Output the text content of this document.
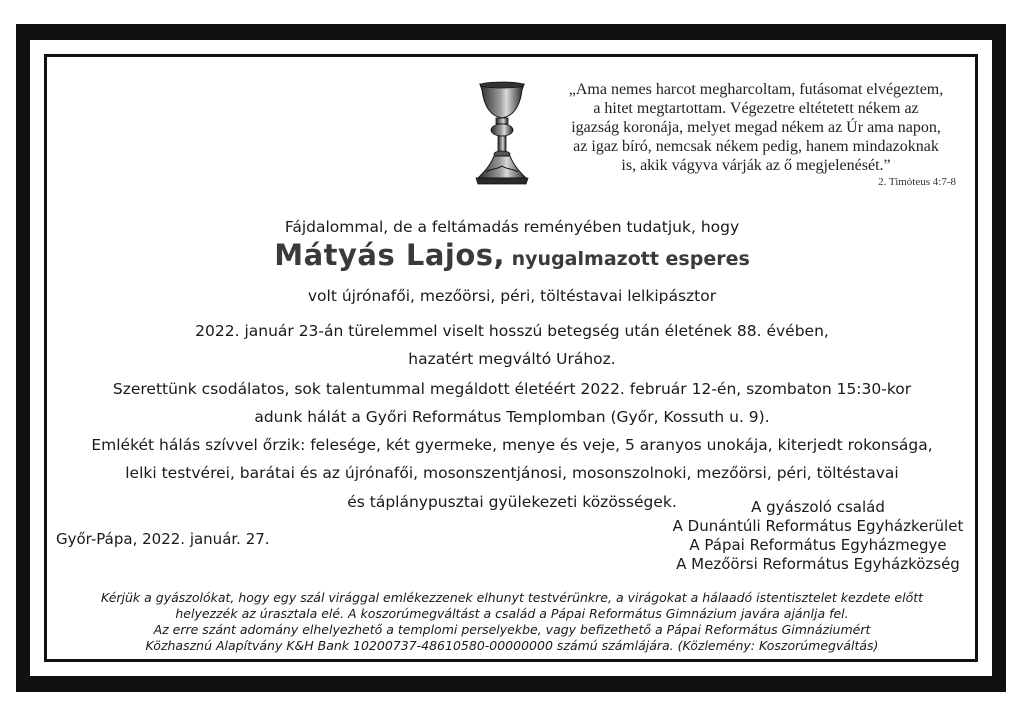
„Ama nemes harcot megharcoltam, futásomat elvégeztem,
a hitet megtartottam. Végezetre eltétetett nékem az
igazság koronája, melyet megad nékem az Úr ama napon,
az igaz bíró, nemcsak nékem pedig, hanem mindazoknak
is, akik vágyva várják az ő megjelenését.”
2. Timóteus 4:7-8
Fájdalommal, de a feltámadás reményében tudatjuk, hogy
Mátyás Lajos, nyugalmazott esperes
volt újrónafői, mezőörsi, péri, töltéstavai lelkipásztor
2022. január 23-án türelemmel viselt hosszú betegség után életének 88. évében,
hazatért megváltó Urához.
Szerettünk csodálatos, sok talentummal megáldott életéért 2022. február 12-én, szombaton 15:30-kor
adunk hálát a Győri Református Templomban (Győr, Kossuth u. 9).
Emlékét hálás szívvel őrzik: felesége, két gyermeke, menye és veje, 5 aranyos unokája, kiterjedt rokonsága,
lelki testvérei, barátai és az újrónafői, mosonszentjánosi, mosonszolnoki, mezőörsi, péri, töltéstavai
és táplánypusztai gyülekezeti közösségek.
Győr-Pápa, 2022. január. 27.
A gyászoló család
A Dunántúli Református Egyházkerület
A Pápai Református Egyházmegye
A Mezőörsi Református Egyházközség
Kérjük a gyászolókat, hogy egy szál virággal emlékezzenek elhunyt testvérünkre, a virágokat a hálaadó istentisztelet kezdete előtt
helyezzék az úrasztala elé. A koszorúmegváltást a család a Pápai Református Gimnázium javára ajánlja fel.
Az erre szánt adomány elhelyezhető a templomi perselyekbe, vagy befizethető a Pápai Református Gimnáziumért
Közhasznú Alapítvány K&H Bank 10200737-48610580-00000000 számú számlájára. (Közlemény: Koszorúmegváltás)
